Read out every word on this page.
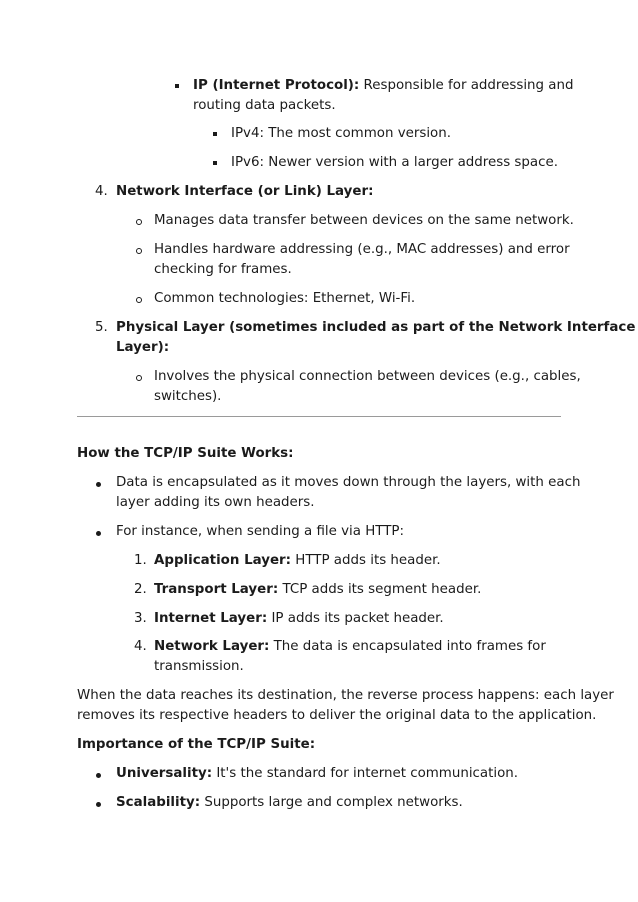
IP (Internet Protocol): Responsible for addressing and
routing data packets.
IPv4: The most common version.
IPv6: Newer version with a larger address space.
4. Network Interface (or Link) Layer:
Manages data transfer between devices on the same network.
Handles hardware addressing (e.g., MAC addresses) and error
checking for frames.
Common technologies: Ethernet, Wi-Fi.
5. Physical Layer (sometimes included as part of the Network Interface
Layer):
Involves the physical connection between devices (e.g., cables,
switches).
How the TCP/IP Suite Works:
Data is encapsulated as it moves down through the layers, with each
layer adding its own headers.
For instance, when sending a file via HTTP:
1. Application Layer: HTTP adds its header.
2. Transport Layer: TCP adds its segment header.
3. Internet Layer: IP adds its packet header.
4. Network Layer: The data is encapsulated into frames for
transmission.
When the data reaches its destination, the reverse process happens: each layer
removes its respective headers to deliver the original data to the application.
Importance of the TCP/IP Suite:
Universality: It's the standard for internet communication.
Scalability: Supports large and complex networks.
